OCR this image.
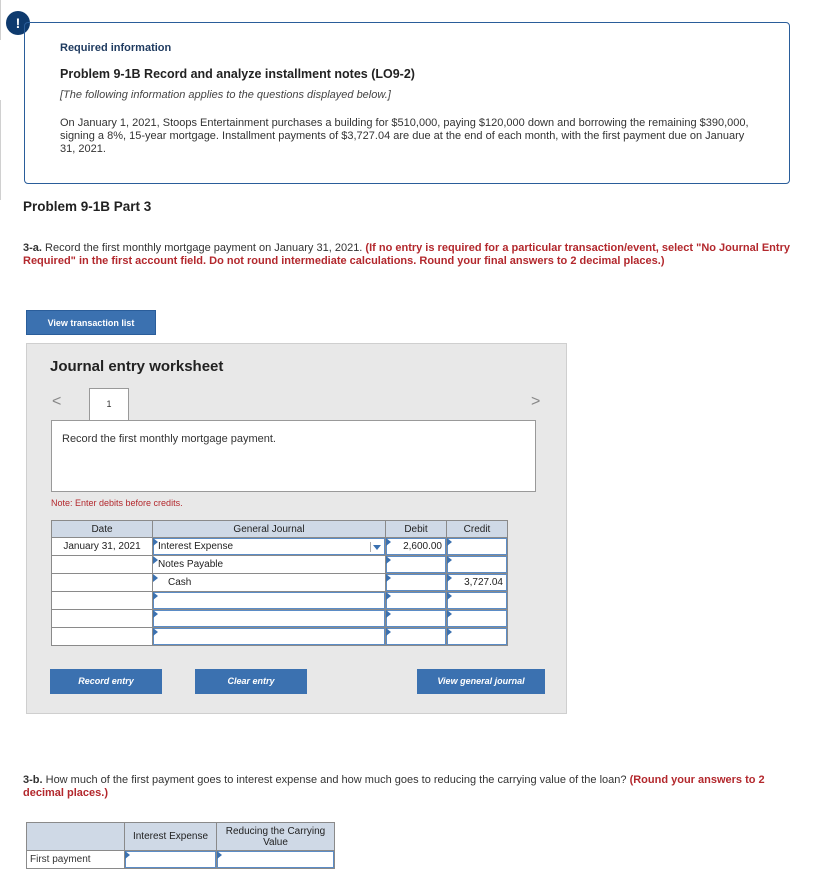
!
Required information
Problem 9-1B Record and analyze installment notes (LO9-2)
[The following information applies to the questions displayed below.]
On January 1, 2021, Stoops Entertainment purchases a building for $510,000, paying $120,000 down and borrowing the remaining $390,000, signing a 8%, 15-year mortgage. Installment payments of $3,727.04 are due at the end of each month, with the first payment due on January 31, 2021.
Problem 9-1B Part 3
3-a. Record the first monthly mortgage payment on January 31, 2021. (If no entry is required for a particular transaction/event, select "No Journal Entry Required" in the first account field. Do not round intermediate calculations. Round your final answers to 2 decimal places.)
View transaction list
Journal entry worksheet
<	>
1
Record the first monthly mortgage payment.
Note: Enter debits before credits.
Date	General Journal	Debit	Credit

January 31, 2021	Interest Expense	2,600.00	

	Notes Payable		

	Cash		3,727.04

Record entry	Clear entry	View general journal
3-b. How much of the first payment goes to interest expense and how much goes to reducing the carrying value of the loan? (Round your answers to 2 decimal places.)
	Interest Expense	Reducing the Carrying Value
First payment	
